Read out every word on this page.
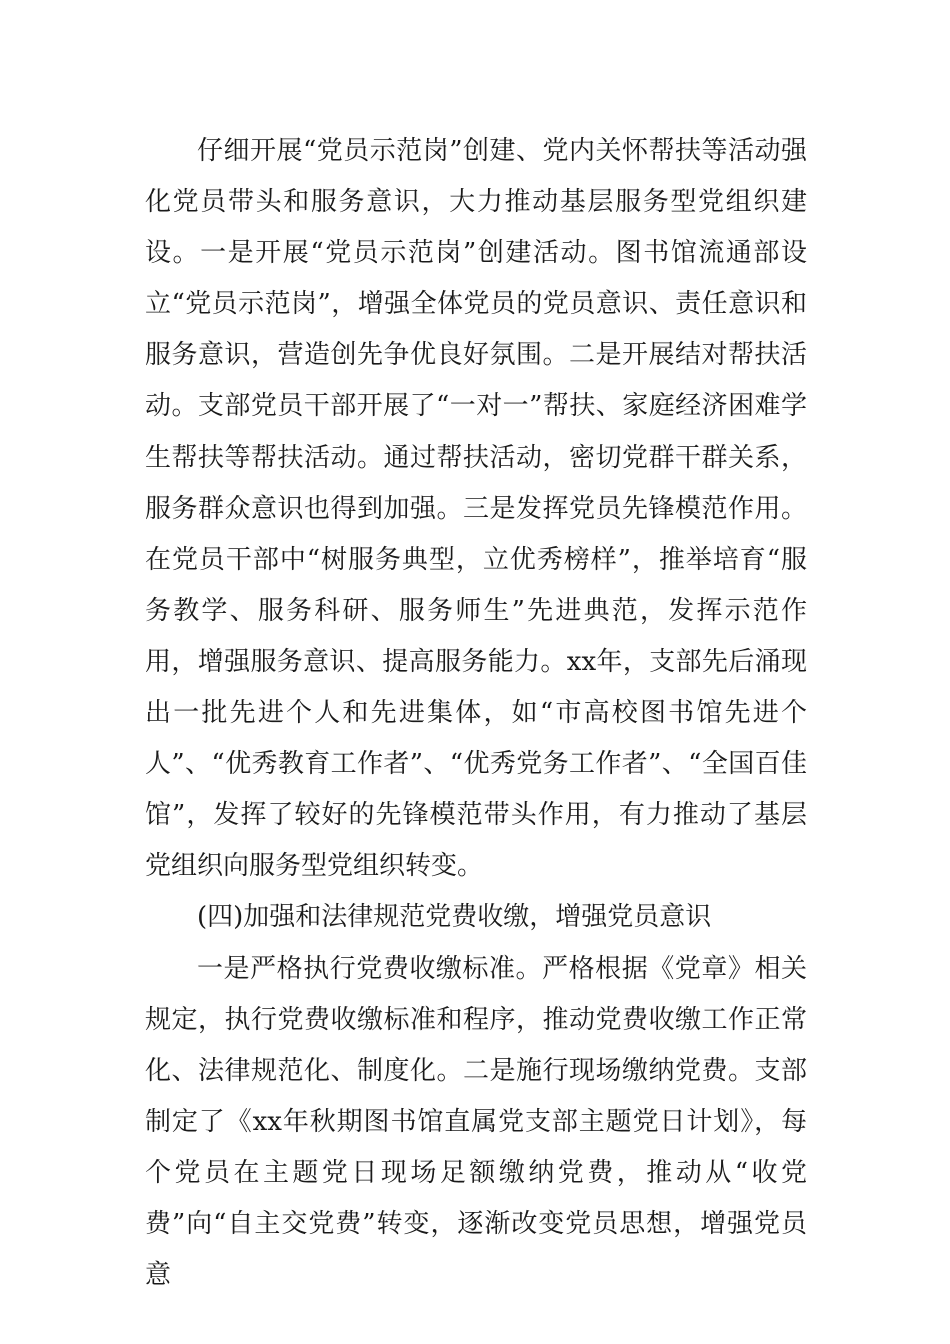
仔细开展“党员示范岗”创建、党内关怀帮扶等活动强化党员带头和服务意识，大力推动基层服务型党组织建设。一是开展“党员示范岗”创建活动。图书馆流通部设立“党员示范岗”，增强全体党员的党员意识、责任意识和服务意识，营造创先争优良好氛围。二是开展结对帮扶活动。支部党员干部开展了“一对一”帮扶、家庭经济困难学生帮扶等帮扶活动。通过帮扶活动，密切党群干群关系，服务群众意识也得到加强。三是发挥党员先锋模范作用。在党员干部中“树服务典型，立优秀榜样”，推举培育“服务教学、服务科研、服务师生”先进典范，发挥示范作用，增强服务意识、提高服务能力。xx年，支部先后涌现出一批先进个人和先进集体，如“市高校图书馆先进个人”、“优秀教育工作者”、“优秀党务工作者”、“全国百佳馆”，发挥了较好的先锋模范带头作用，有力推动了基层党组织向服务型党组织转变。

(四)加强和法律规范党费收缴，增强党员意识

一是严格执行党费收缴标准。严格根据《党章》相关规定，执行党费收缴标准和程序，推动党费收缴工作正常化、法律规范化、制度化。二是施行现场缴纳党费。支部制定了《xx年秋期图书馆直属党支部主题党日计划》，每个党员在主题党日现场足额缴纳党费，推动从“收党费”向“自主交党费”转变，逐渐改变党员思想，增强党员意
